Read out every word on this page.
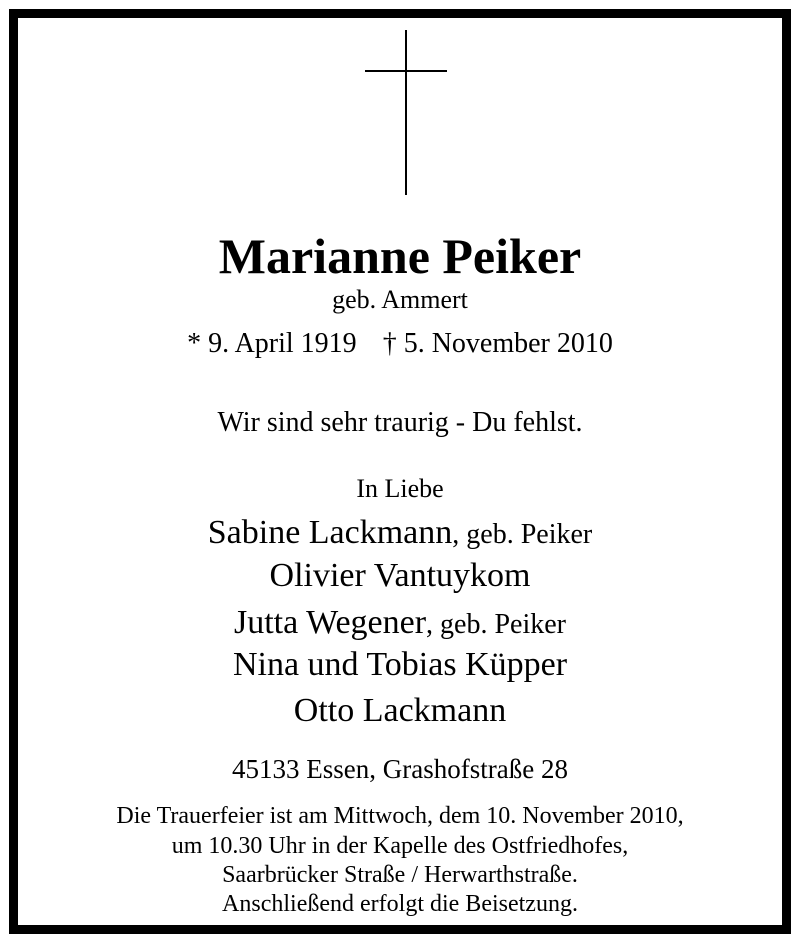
Marianne Peiker
geb. Ammert
* 9. April 1919 † 5. November 2010
Wir sind sehr traurig - Du fehlst.
In Liebe
Sabine Lackmann, geb. Peiker
Olivier Vantuykom
Jutta Wegener, geb. Peiker
Nina und Tobias Küpper
Otto Lackmann
45133 Essen, Grashofstraße 28
Die Trauerfeier ist am Mittwoch, dem 10. November 2010,
um 10.30 Uhr in der Kapelle des Ostfriedhofes,
Saarbrücker Straße / Herwarthstraße.
Anschließend erfolgt die Beisetzung.
